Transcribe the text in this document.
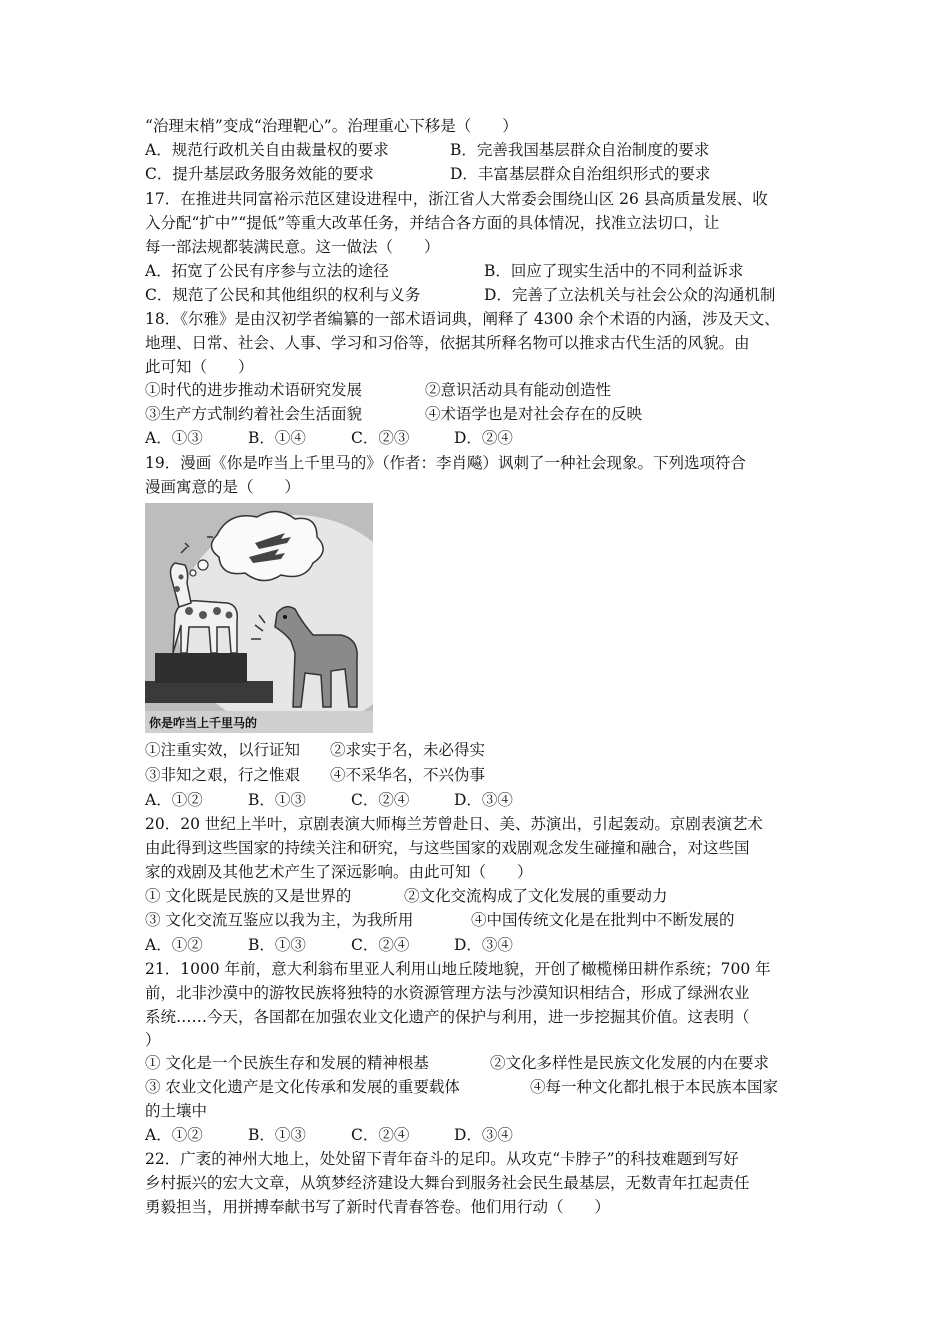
“治理末梢”变成“治理靶心”。治理重心下移是（　　）
A．规范行政机关自由裁量权的要求	B．完善我国基层群众自治制度的要求
C．提升基层政务服务效能的要求	D．丰富基层群众自治组织形式的要求
17．在推进共同富裕示范区建设进程中，浙江省人大常委会围绕山区 26 县高质量发展、收
入分配“扩中”“提低”等重大改革任务，并结合各方面的具体情况，找准立法切口，让
每一部法规都装满民意。这一做法（　　）
A．拓宽了公民有序参与立法的途径	B．回应了现实生活中的不同利益诉求
C．规范了公民和其他组织的权利与义务	D．完善了立法机关与社会公众的沟通机制
18．《尔雅》是由汉初学者编纂的一部术语词典，阐释了 4300 余个术语的内涵，涉及天文、
地理、日常、社会、人事、学习和习俗等，依据其所释名物可以推求古代生活的风貌。由
此可知（　　）
①时代的进步推动术语研究发展	②意识活动具有能动创造性
③生产方式制约着社会生活面貌	④术语学也是对社会存在的反映
A．①③	B．①④	C．②③	D．②④
19．漫画《你是咋当上千里马的》（作者：李肖飚）讽刺了一种社会现象。下列选项符合
漫画寓意的是（　　）
你是咋当上千里马的
①注重实效，以行证知 ②求实于名，未必得实
③非知之艰，行之惟艰 ④不采华名，不兴伪事
A．①②	B．①③	C．②④	D．③④
20．20 世纪上半叶，京剧表演大师梅兰芳曾赴日、美、苏演出，引起轰动。京剧表演艺术
由此得到这些国家的持续关注和研究，与这些国家的戏剧观念发生碰撞和融合，对这些国
家的戏剧及其他艺术产生了深远影响。由此可知（　　）
① 文化既是民族的又是世界的	②文化交流构成了文化发展的重要动力
③ 文化交流互鉴应以我为主，为我所用	④中国传统文化是在批判中不断发展的
A．①②	B．①③	C．②④	D．③④
21．1000 年前，意大利翁布里亚人利用山地丘陵地貌，开创了橄榄梯田耕作系统；700 年
前，北非沙漠中的游牧民族将独特的水资源管理方法与沙漠知识相结合，形成了绿洲农业
系统……今天，各国都在加强农业文化遗产的保护与利用，进一步挖掘其价值。这表明（
）
① 文化是一个民族生存和发展的精神根基	②文化多样性是民族文化发展的内在要求
③ 农业文化遗产是文化传承和发展的重要载体	④每一种文化都扎根于本民族本国家
的土壤中
A．①②	B．①③	C．②④	D．③④
22．广袤的神州大地上，处处留下青年奋斗的足印。从攻克“卡脖子”的科技难题到写好
乡村振兴的宏大文章，从筑梦经济建设大舞台到服务社会民生最基层，无数青年扛起责任
勇毅担当，用拼搏奉献书写了新时代青春答卷。他们用行动（　　）
